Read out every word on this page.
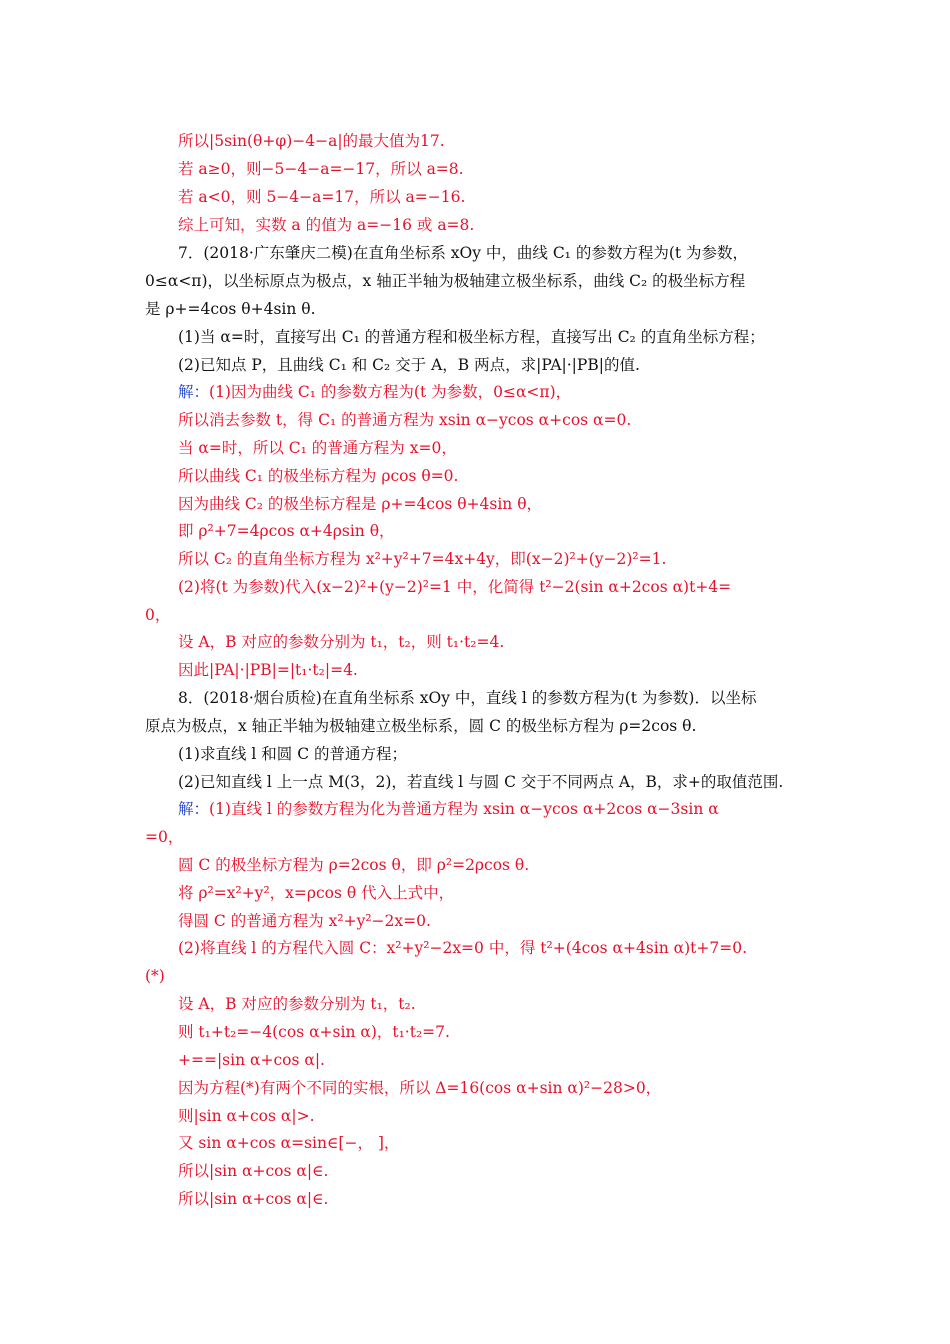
所以|5sin(θ+φ)−4−a|的最大值为17.
若 a≥0，则−5−4−a=−17，所以 a=8.
若 a<0，则 5−4−a=17，所以 a=−16.
综上可知，实数 a 的值为 a=−16 或 a=8.
7．(2018·广东肇庆二模)在直角坐标系 xOy 中，曲线 C₁ 的参数方程为(t 为参数，
0≤α<π)，以坐标原点为极点，x 轴正半轴为极轴建立极坐标系，曲线 C₂ 的极坐标方程
是 ρ+=4cos θ+4sin θ.
(1)当 α=时，直接写出 C₁ 的普通方程和极坐标方程，直接写出 C₂ 的直角坐标方程；
(2)已知点 P，且曲线 C₁ 和 C₂ 交于 A，B 两点，求|PA|·|PB|的值.
解：(1)因为曲线 C₁ 的参数方程为(t 为参数，0≤α<π)，
所以消去参数 t，得 C₁ 的普通方程为 xsin α−ycos α+cos α=0.
当 α=时，所以 C₁ 的普通方程为 x=0，
所以曲线 C₁ 的极坐标方程为 ρcos θ=0.
因为曲线 C₂ 的极坐标方程是 ρ+=4cos θ+4sin θ，
即 ρ²+7=4ρcos α+4ρsin θ，
所以 C₂ 的直角坐标方程为 x²+y²+7=4x+4y，即(x−2)²+(y−2)²=1.
(2)将(t 为参数)代入(x−2)²+(y−2)²=1 中，化简得 t²−2(sin α+2cos α)t+4=
0，
设 A，B 对应的参数分别为 t₁，t₂，则 t₁·t₂=4.
因此|PA|·|PB|=|t₁·t₂|=4.
8．(2018·烟台质检)在直角坐标系 xOy 中，直线 l 的参数方程为(t 为参数)．以坐标
原点为极点，x 轴正半轴为极轴建立极坐标系，圆 C 的极坐标方程为 ρ=2cos θ.
(1)求直线 l 和圆 C 的普通方程；
(2)已知直线 l 上一点 M(3，2)，若直线 l 与圆 C 交于不同两点 A，B，求+的取值范围.
解：(1)直线 l 的参数方程为化为普通方程为 xsin α−ycos α+2cos α−3sin α
=0，
圆 C 的极坐标方程为 ρ=2cos θ，即 ρ²=2ρcos θ.
将 ρ²=x²+y²，x=ρcos θ 代入上式中，
得圆 C 的普通方程为 x²+y²−2x=0.
(2)将直线 l 的方程代入圆 C：x²+y²−2x=0 中，得 t²+(4cos α+4sin α)t+7=0.
(*)
设 A，B 对应的参数分别为 t₁，t₂.
则 t₁+t₂=−4(cos α+sin α)，t₁·t₂=7.
+==|sin α+cos α|.
因为方程(*)有两个不同的实根，所以 Δ=16(cos α+sin α)²−28>0，
则|sin α+cos α|>.
又 sin α+cos α=sin∈[−， ]，
所以|sin α+cos α|∈.
所以|sin α+cos α|∈.
